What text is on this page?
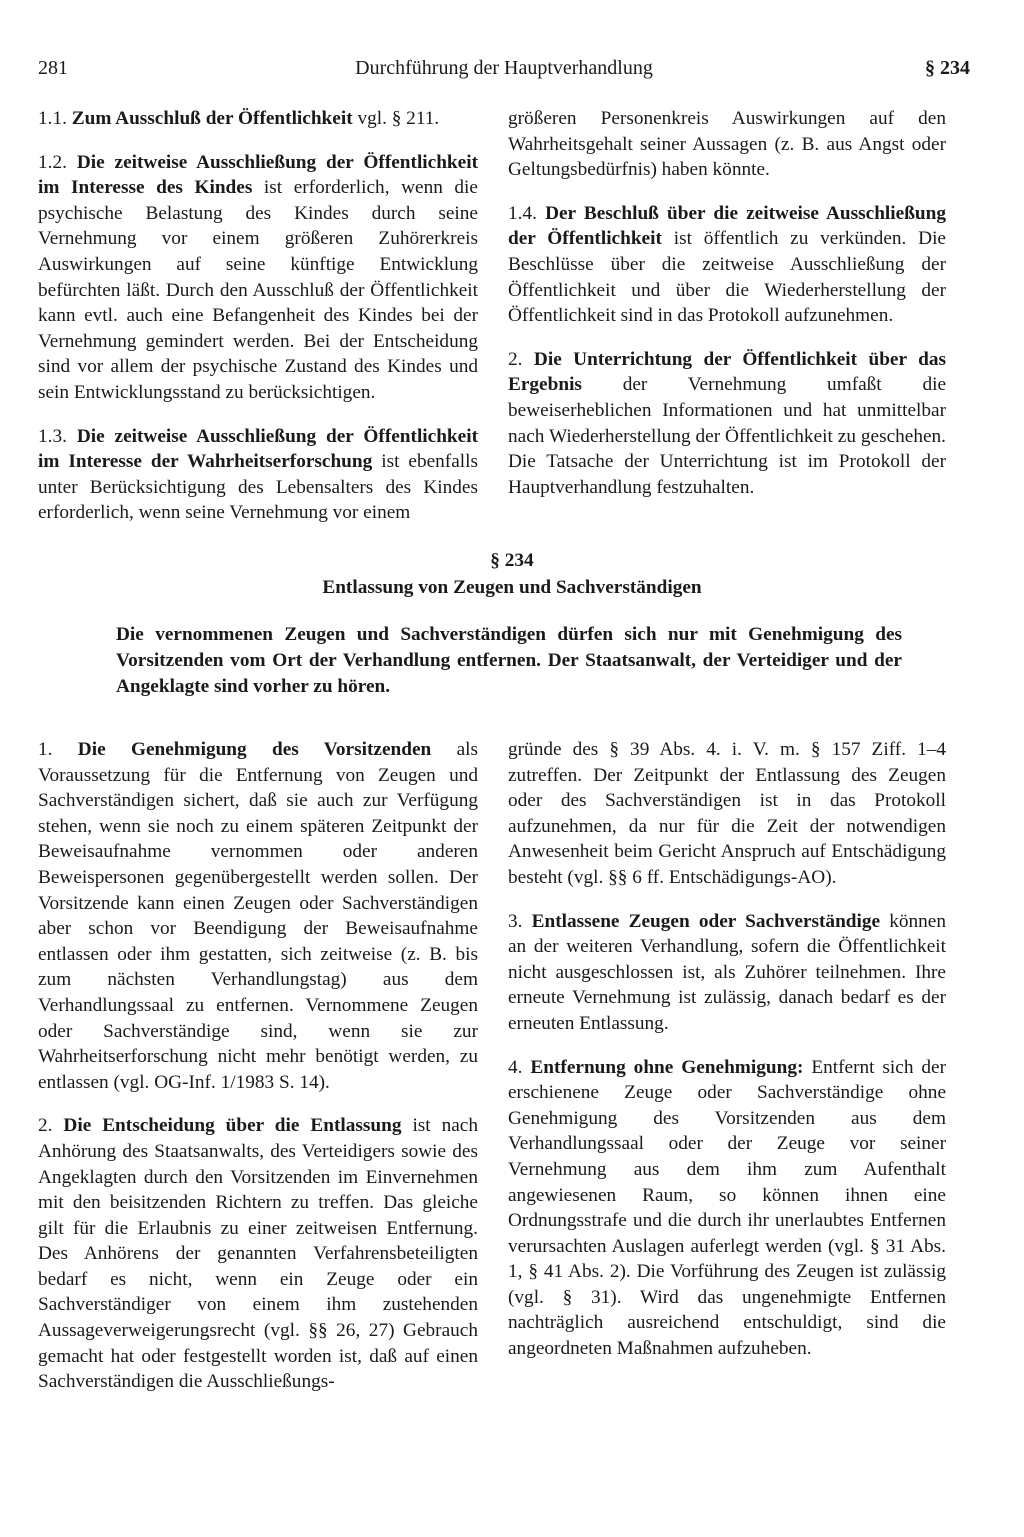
281	Durchführung der Hauptverhandlung	§ 234

1.1. Zum Ausschluß der Öffentlichkeit vgl. § 211.

1.2. Die zeitweise Ausschließung der Öffentlichkeit im Interesse des Kindes ist erforderlich, wenn die psychische Belastung des Kindes durch seine Vernehmung vor einem größeren Zuhörerkreis Auswirkungen auf seine künftige Entwicklung befürchten läßt. Durch den Ausschluß der Öffentlichkeit kann evtl. auch eine Befangenheit des Kindes bei der Vernehmung gemindert werden. Bei der Entscheidung sind vor allem der psychische Zustand des Kindes und sein Entwicklungsstand zu berücksichtigen.

1.3. Die zeitweise Ausschließung der Öffentlichkeit im Interesse der Wahrheitserforschung ist ebenfalls unter Berücksichtigung des Lebensalters des Kindes erforderlich, wenn seine Vernehmung vor einem

größeren Personenkreis Auswirkungen auf den Wahrheitsgehalt seiner Aussagen (z. B. aus Angst oder Geltungsbedürfnis) haben könnte.

1.4. Der Beschluß über die zeitweise Ausschließung der Öffentlichkeit ist öffentlich zu verkünden. Die Beschlüsse über die zeitweise Ausschließung der Öffentlichkeit und über die Wiederherstellung der Öffentlichkeit sind in das Protokoll aufzunehmen.

2. Die Unterrichtung der Öffentlichkeit über das Ergebnis der Vernehmung umfaßt die beweiserheblichen Informationen und hat unmittelbar nach Wiederherstellung der Öffentlichkeit zu geschehen. Die Tatsache der Unterrichtung ist im Protokoll der Hauptverhandlung festzuhalten.

§ 234
Entlassung von Zeugen und Sachverständigen
Die vernommenen Zeugen und Sachverständigen dürfen sich nur mit Genehmigung des Vorsitzenden vom Ort der Verhandlung entfernen. Der Staatsanwalt, der Verteidiger und der Angeklagte sind vorher zu hören.

1. Die Genehmigung des Vorsitzenden als Voraussetzung für die Entfernung von Zeugen und Sachverständigen sichert, daß sie auch zur Verfügung stehen, wenn sie noch zu einem späteren Zeitpunkt der Beweisaufnahme vernommen oder anderen Beweispersonen gegenübergestellt werden sollen. Der Vorsitzende kann einen Zeugen oder Sachverständigen aber schon vor Beendigung der Beweisaufnahme entlassen oder ihm gestatten, sich zeitweise (z. B. bis zum nächsten Verhandlungstag) aus dem Verhandlungssaal zu entfernen. Vernommene Zeugen oder Sachverständige sind, wenn sie zur Wahrheitserforschung nicht mehr benötigt werden, zu entlassen (vgl. OG-Inf. 1/1983 S. 14).

2. Die Entscheidung über die Entlassung ist nach Anhörung des Staatsanwalts, des Verteidigers sowie des Angeklagten durch den Vorsitzenden im Einvernehmen mit den beisitzenden Richtern zu treffen. Das gleiche gilt für die Erlaubnis zu einer zeitweisen Entfernung. Des Anhörens der genannten Verfahrensbeteiligten bedarf es nicht, wenn ein Zeuge oder ein Sachverständiger von einem ihm zustehenden Aussageverweigerungsrecht (vgl. §§ 26, 27) Gebrauch gemacht hat oder festgestellt worden ist, daß auf einen Sachverständigen die Ausschließungs-

gründe des § 39 Abs. 4. i. V. m. § 157 Ziff. 1–4 zutreffen. Der Zeitpunkt der Entlassung des Zeugen oder des Sachverständigen ist in das Protokoll aufzunehmen, da nur für die Zeit der notwendigen Anwesenheit beim Gericht Anspruch auf Entschädigung besteht (vgl. §§ 6 ff. Entschädigungs-AO).

3. Entlassene Zeugen oder Sachverständige können an der weiteren Verhandlung, sofern die Öffentlichkeit nicht ausgeschlossen ist, als Zuhörer teilnehmen. Ihre erneute Vernehmung ist zulässig, danach bedarf es der erneuten Entlassung.

4. Entfernung ohne Genehmigung: Entfernt sich der erschienene Zeuge oder Sachverständige ohne Genehmigung des Vorsitzenden aus dem Verhandlungssaal oder der Zeuge vor seiner Vernehmung aus dem ihm zum Aufenthalt angewiesenen Raum, so können ihnen eine Ordnungsstrafe und die durch ihr unerlaubtes Entfernen verursachten Auslagen auferlegt werden (vgl. § 31 Abs. 1, § 41 Abs. 2). Die Vorführung des Zeugen ist zulässig (vgl. § 31). Wird das ungenehmigte Entfernen nachträglich ausreichend entschuldigt, sind die angeordneten Maßnahmen aufzuheben.
